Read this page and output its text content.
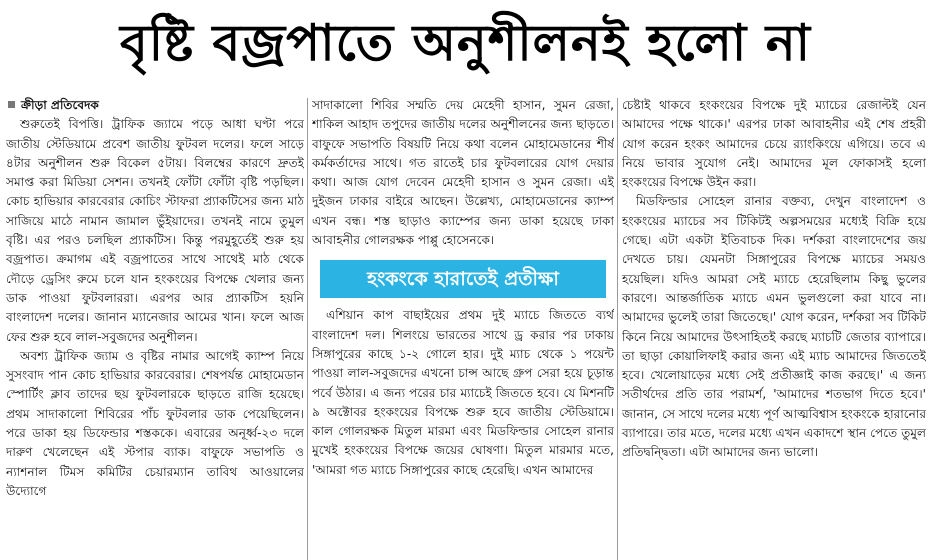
বৃষ্টি বজ্রপাতে অনুশীলনই হলো না
ক্রীড়া প্রতিবেদক

শুরুতেই বিপত্তি। ট্রাফিক জ্যামে পড়ে আধা ঘণ্টা পরে জাতীয় স্টেডিয়ামে প্রবেশ জাতীয় ফুটবল দলের। ফলে সাড়ে ৪টার অনুশীলন শুরু বিকেল ৫টায়। বিলম্বের কারণে দ্রুতই সমাপ্ত করা মিডিয়া সেশন। তখনই ফোঁটা ফোঁটা বৃষ্টি পড়ছিল। কোচ হাভিয়ার কারবেরার কোচিং স্টাফরা প্র্যাকটিসের জন্য মাঠ সাজিয়ে মাঠে নামান জামাল ভুঁইয়াদের। তখনই নামে তুমুল বৃষ্টি। এর পরও চলছিল প্র্যাকটিস। কিন্তু পরমুহূর্তেই শুরু হয় বজ্রপাত। ক্রমাগম এই বজ্রপাতের সাথে সাথেই মাঠ থেকে দৌড়ে ড্রেসিং রুমে চলে যান হংকংয়ের বিপক্ষে খেলার জন্য ডাক পাওয়া ফুটবলাররা। এরপর আর প্র্যাকটিস হয়নি বাংলাদেশ দলের। জানান ম্যানেজার আমের খান। ফলে আজ ফের শুরু হবে লাল-সবুজদের অনুশীলন।

অবশ্য ট্রাফিক জ্যাম ও বৃষ্টির নামার আগেই ক্যাম্প নিয়ে সুসংবাদ পান কোচ হাভিয়ার কারবেরার। শেষপর্যন্ত মোহামেডান স্পোর্টিং ক্লাব তাদের ছয় ফুটবলারকে ছাড়তে রাজি হয়েছে। প্রথম সাদাকালো শিবিরের পাঁচ ফুটবলার ডাক পেয়েছিলেন। পরে ডাকা হয় ডিফেন্ডার শস্তককে। এবারের অনূর্ধ্ব-২৩ দলে দারুণ খেলেছেন এই স্টপার ব্যাক। বাফুফে সভাপতি ও ন্যাশনাল টিমস কমিটির চেয়ারম্যান তাবিথ আওয়ালের উদ্যোগে

সাদাকালো শিবির সম্মতি দেয় মেহেদী হাসান, সুমন রেজা, শাকিল আহাদ তপুদের জাতীয় দলের অনুশীলনের জন্য ছাড়তে। বাফুফে সভাপতি বিষয়টি নিয়ে কথা বলেন মোহামেডানের শীর্ষ কর্মকর্তাদের সাথে। গত রাতেই চার ফুটবলারের যোগ দেয়ার কথা। আজ যোগ দেবেন মেহেদী হাসান ও সুমন রেজা। এই দুইজন ঢাকার বাইরে আছেন। উল্লেখ্য, মোহামেডানের ক্যাম্প এখন বন্ধ। শস্ত ছাড়াও ক্যাম্পের জন্য ডাকা হয়েছে ঢাকা আবাহনীর গোলরক্ষক পাপ্পু হোসেনকে।

হংকংকে হারাতেই প্রতীক্ষা

এশিয়ান কাপ বাছাইয়ের প্রথম দুই ম্যাচে জিততে ব্যর্থ বাংলাদেশ দল। শিলংয়ে ভারতের সাথে ড্র করার পর ঢাকায় সিঙ্গাপুরের কাছে ১-২ গোলে হার। দুই ম্যাচ থেকে ১ পয়েন্ট পাওয়া লাল-সবুজদের এখনো চান্স আছে গ্রুপ সেরা হয়ে চূড়ান্ত পর্বে উঠার। এ জন্য পরের চার ম্যাচেই জিততে হবে। যে মিশনটি ৯ অক্টোবর হংকংয়ের বিপক্ষে শুরু হবে জাতীয় স্টেডিয়ামে। কাল গোলরক্ষক মিতুল মারমা এবং মিডফিল্ডার সোহেল রানার মুখেই হংকংয়ের বিপক্ষে জয়ের ঘোষণা। মিতুল মারমার মতে, 'আমরা গত ম্যাচে সিঙ্গাপুরের কাছে হেরেছি। এখন আমাদের

চেষ্টাই থাকবে হংকংয়ের বিপক্ষে দুই ম্যাচের রেজাল্টই যেন আমাদের পক্ষে থাকে।' এরপর ঢাকা আবাহনীর এই শেষ প্রহরী যোগ করেন হংকং আমাদের চেয়ে র‌্যাংকিংয়ে এগিয়ে। তবে এ নিয়ে ভাবার সুযোগ নেই। আমাদের মূল ফোকাসই হলো হংকংয়ের বিপক্ষে উইন করা।

মিডফিল্ডার সোহেল রানার বক্তব্য, দেখুন বাংলাদেশ ও হংকংয়ের ম্যাচের সব টিকিটই অল্পসময়ের মধ্যেই বিক্রি হয়ে গেছে। এটা একটা ইতিবাচক দিক। দর্শকরা বাংলাদেশের জয় দেখতে চায়। যেমনটা সিঙ্গাপুরের বিপক্ষে ম্যাচের সময়ও হয়েছিল। যদিও আমরা সেই ম্যাচে হেরেছিলাম কিছু ভুলের কারণে। আন্তর্জাতিক ম্যাচে এমন ভুলগুলো করা যাবে না। আমাদের ভুলেই তারা জিতেছে।' যোগ করেন, দর্শকরা সব টিকিট কিনে নিয়ে আমাদের উৎসাহিতই করছে ম্যাচটি জেতার ব্যাপারে। তা ছাড়া কোয়ালিফাই করার জন্য এই ম্যাচ আমাদের জিততেই হবে। খেলোয়াড়ের মধ্যে সেই প্রতীজ্ঞাই কাজ করছে।' এ জন্য সতীর্থদের প্রতি তার পরামর্শ, 'আমাদের শতভাগ দিতে হবে।' জানান, সে সাথে দলের মধ্যে পূর্ণ আত্মবিশ্বাস হংকংকে হারানোর ব্যাপারে। তার মতে, দলের মধ্যে এখন একাদশে স্থান পেতে তুমুল প্রতিদ্বন্দ্বিতা। এটা আমাদের জন্য ভালো।
